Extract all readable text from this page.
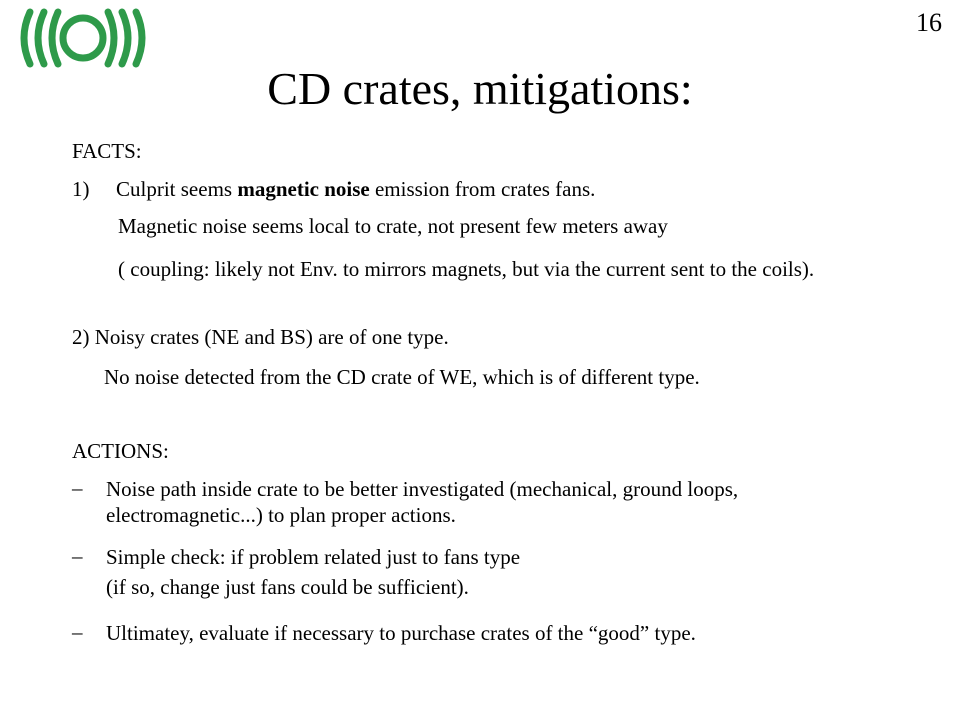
16
CD crates, mitigations:
FACTS:
1) Culprit seems magnetic noise emission from crates fans.
Magnetic noise seems local to crate, not present few meters away
( coupling: likely not Env. to mirrors magnets, but via the current sent to the coils).
2) Noisy crates (NE and BS) are of one type.
No noise detected from the CD crate of WE, which is of different type.
ACTIONS:
– Noise path inside crate to be better investigated (mechanical, ground loops, electromagnetic...) to plan proper actions.
– Simple check: if problem related just to fans type
(if so, change just fans could be sufficient).
– Ultimatey, evaluate if necessary to purchase crates of the “good” type.
